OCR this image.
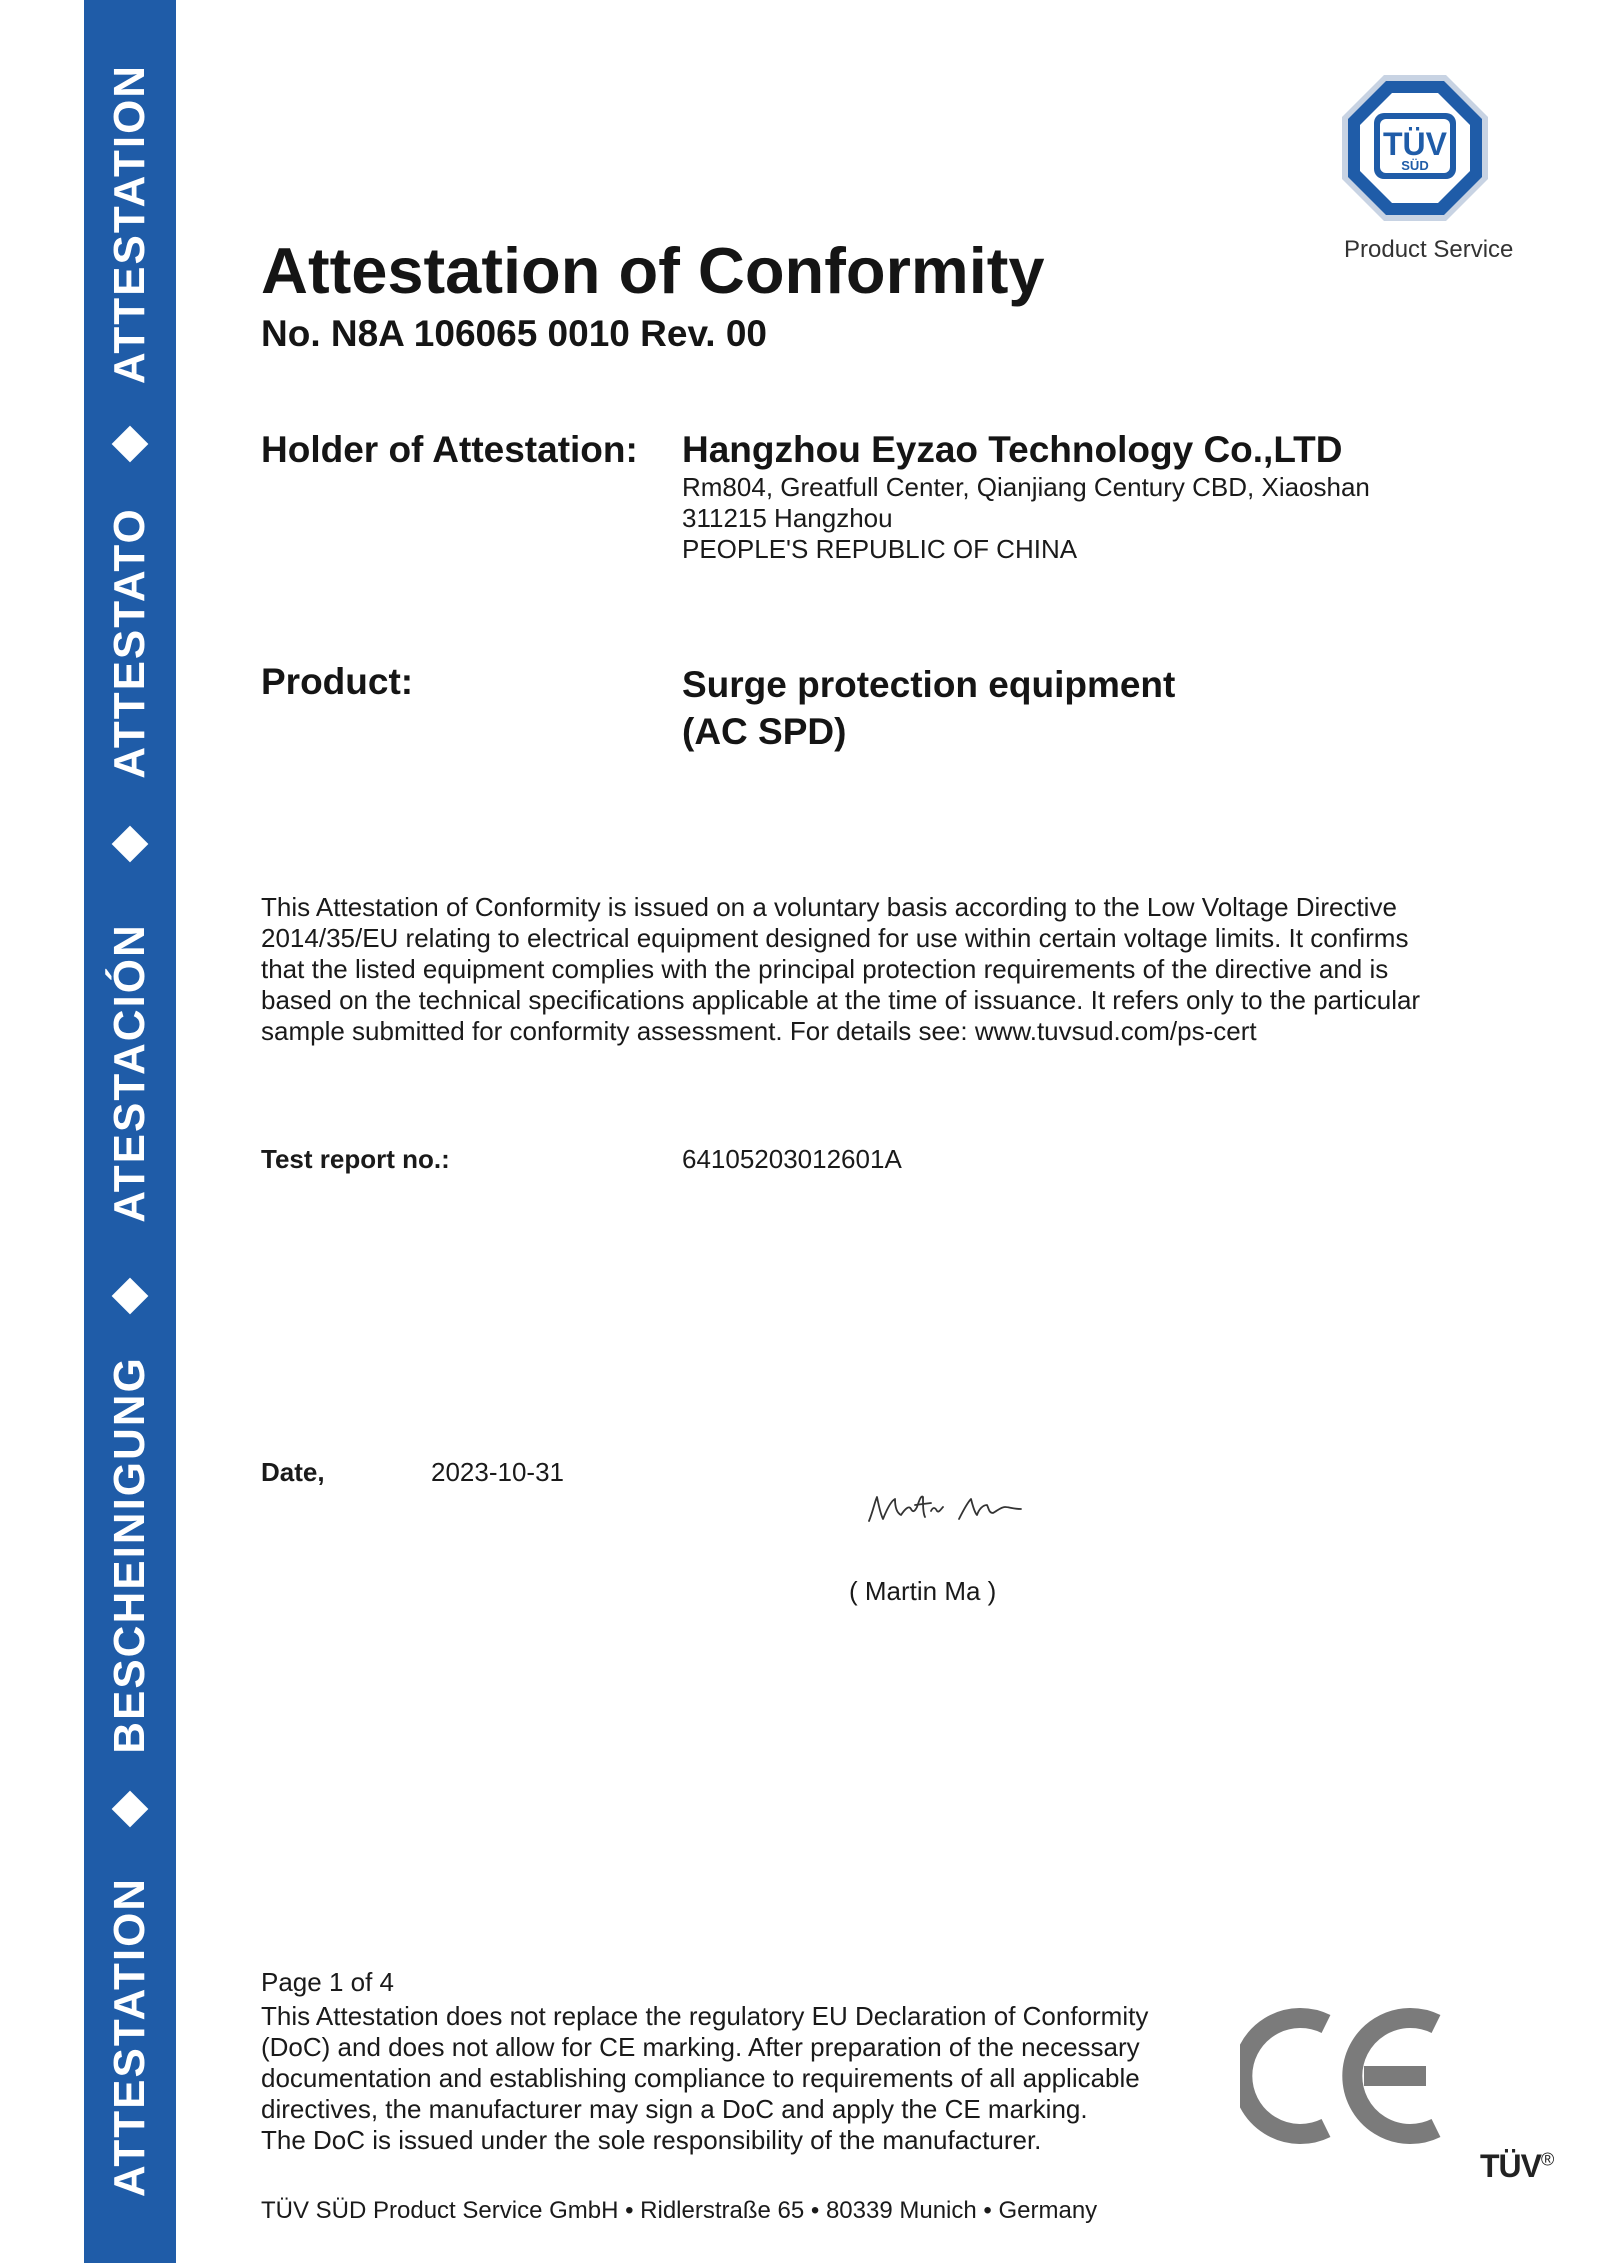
ATTESTATION
ATTESTATO
ATESTACIÓN
BESCHEINIGUNG
ATTESTATION
TÜV
SÜD
Product Service
Attestation of Conformity
No. N8A 106065 0010 Rev. 00
Holder of Attestation: Hangzhou Eyzao Technology Co.,LTD
Rm804, Greatfull Center, Qianjiang Century CBD, Xiaoshan
311215 Hangzhou
PEOPLE'S REPUBLIC OF CHINA
Product:	Surge protection equipment
(AC SPD)
This Attestation of Conformity is issued on a voluntary basis according to the Low Voltage Directive
2014/35/EU relating to electrical equipment designed for use within certain voltage limits. It confirms
that the listed equipment complies with the principal protection requirements of the directive and is
based on the technical specifications applicable at the time of issuance. It refers only to the particular
sample submitted for conformity assessment. For details see: www.tuvsud.com/ps-cert
Test report no.:	64105203012601A
Date,	2023-10-31
( Martin Ma )
Page 1 of 4
This Attestation does not replace the regulatory EU Declaration of Conformity
(DoC) and does not allow for CE marking. After preparation of the necessary
documentation and establishing compliance to requirements of all applicable
directives, the manufacturer may sign a DoC and apply the CE marking.
The DoC is issued under the sole responsibility of the manufacturer.
TÜV®
TÜV SÜD Product Service GmbH • Ridlerstraße 65 • 80339 Munich • Germany
